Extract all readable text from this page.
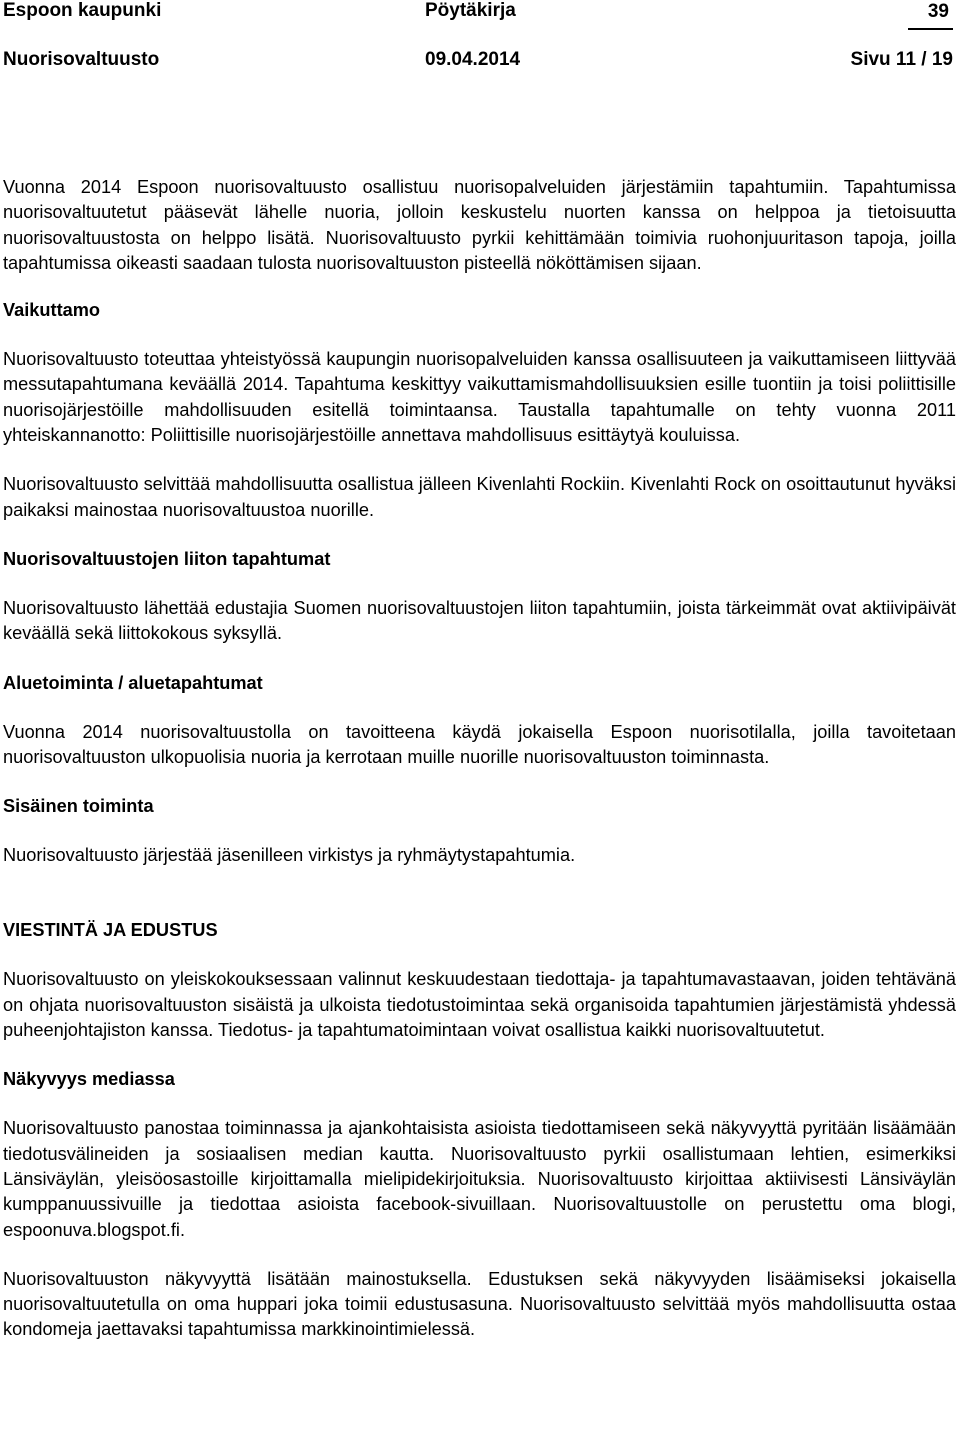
Espoon kaupunki	Pöytäkirja	39
Nuorisovaltuusto	09.04.2014	Sivu 11 / 19

Vuonna 2014 Espoon nuorisovaltuusto osallistuu nuorisopalveluiden järjestämiin tapahtumiin. Tapahtumissa nuorisovaltuutetut pääsevät lähelle nuoria, jolloin keskustelu nuorten kanssa on helppoa ja tietoisuutta nuorisovaltuustosta on helppo lisätä. Nuorisovaltuusto pyrkii kehittämään toimivia ruohonjuuritason tapoja, joilla tapahtumissa oikeasti saadaan tulosta nuorisovaltuuston pisteellä nököttämisen sijaan.

Vaikuttamo

Nuorisovaltuusto toteuttaa yhteistyössä kaupungin nuorisopalveluiden kanssa osallisuuteen ja vaikuttamiseen liittyvää messutapahtumana keväällä 2014. Tapahtuma keskittyy vaikuttamismahdollisuuksien esille tuontiin ja toisi poliittisille nuorisojärjestöille mahdollisuuden esitellä toimintaansa. Taustalla tapahtumalle on tehty vuonna 2011 yhteiskannanotto: Poliittisille nuorisojärjestöille annettava mahdollisuus esittäytyä kouluissa.

Nuorisovaltuusto selvittää mahdollisuutta osallistua jälleen Kivenlahti Rockiin. Kivenlahti Rock on osoittautunut hyväksi paikaksi mainostaa nuorisovaltuustoa nuorille.

Nuorisovaltuustojen liiton tapahtumat

Nuorisovaltuusto lähettää edustajia Suomen nuorisovaltuustojen liiton tapahtumiin, joista tärkeimmät ovat aktiivipäivät keväällä sekä liittokokous syksyllä.

Aluetoiminta / aluetapahtumat

Vuonna 2014 nuorisovaltuustolla on tavoitteena käydä jokaisella Espoon nuorisotilalla, joilla tavoitetaan nuorisovaltuuston ulkopuolisia nuoria ja kerrotaan muille nuorille nuorisovaltuuston toiminnasta.

Sisäinen toiminta

Nuorisovaltuusto järjestää jäsenilleen virkistys ja ryhmäytystapahtumia.

VIESTINTÄ JA EDUSTUS

Nuorisovaltuusto on yleiskokouksessaan valinnut keskuudestaan tiedottaja- ja tapahtumavastaavan, joiden tehtävänä on ohjata nuorisovaltuuston sisäistä ja ulkoista tiedotustoimintaa sekä organisoida tapahtumien järjestämistä yhdessä puheenjohtajiston kanssa. Tiedotus- ja tapahtumatoimintaan voivat osallistua kaikki nuorisovaltuutetut.

Näkyvyys mediassa

Nuorisovaltuusto panostaa toiminnassa ja ajankohtaisista asioista tiedottamiseen sekä näkyvyyttä pyritään lisäämään tiedotusvälineiden ja sosiaalisen median kautta. Nuorisovaltuusto pyrkii osallistumaan lehtien, esimerkiksi Länsiväylän, yleisöosastoille kirjoittamalla mielipidekirjoituksia. Nuorisovaltuusto kirjoittaa aktiivisesti Länsiväylän kumppanuussivuille ja tiedottaa asioista facebook-sivuillaan. Nuorisovaltuustolle on perustettu oma blogi, espoonuva.blogspot.fi.

Nuorisovaltuuston näkyvyyttä lisätään mainostuksella. Edustuksen sekä näkyvyyden lisäämiseksi jokaisella nuorisovaltuutetulla on oma huppari joka toimii edustusasuna. Nuorisovaltuusto selvittää myös mahdollisuutta ostaa kondomeja jaettavaksi tapahtumissa markkinointimielessä.
